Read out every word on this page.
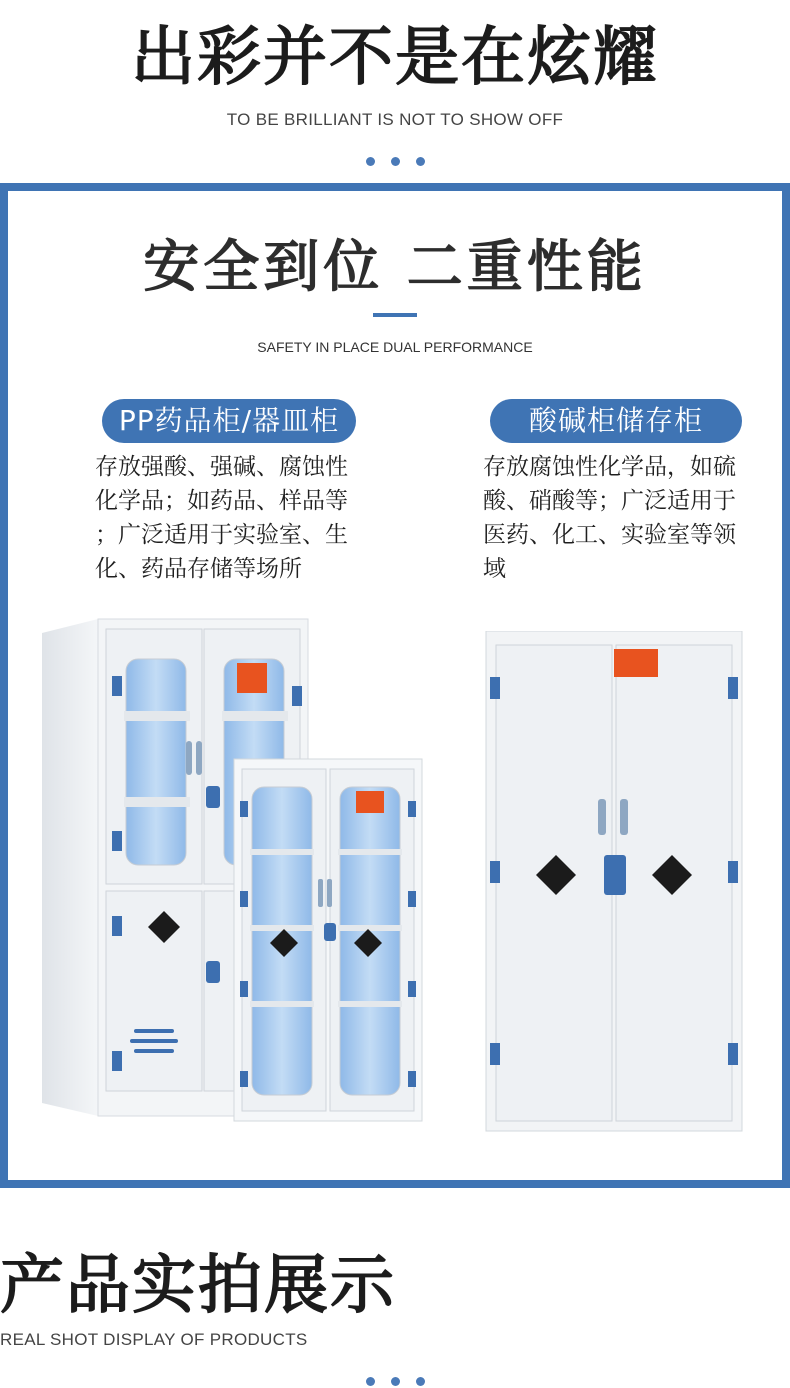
出彩并不是在炫耀
TO BE BRILLIANT IS NOT TO SHOW OFF
安全到位 二重性能
SAFETY IN PLACE DUAL PERFORMANCE
PP药品柜/器皿柜
存放强酸、强碱、腐蚀性
化学品；如药品、样品等
；广泛适用于实验室、生
化、药品存储等场所
酸碱柜储存柜
存放腐蚀性化学品，如硫
酸、硝酸等；广泛适用于
医药、化工、实验室等领
域
产品实拍展示
REAL SHOT DISPLAY OF PRODUCTS
